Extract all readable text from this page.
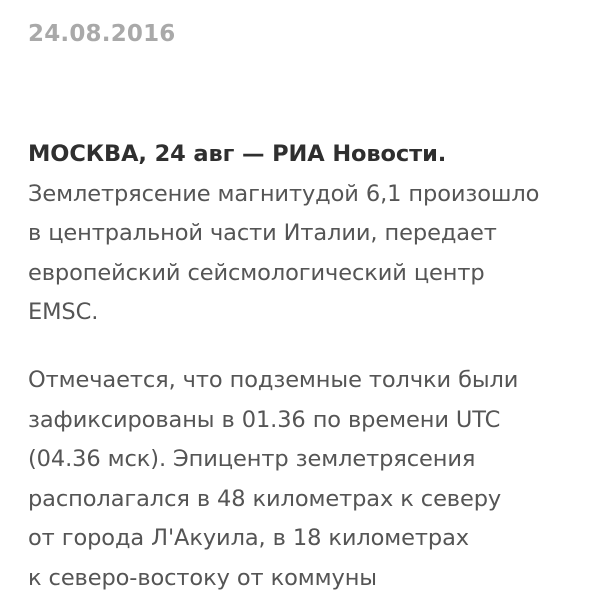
24.08.2016
МОСКВА, 24 авг — РИА Новости.
Землетрясение магнитудой 6,1 произошло
в центральной части Италии, передает
европейский сейсмологический центр
EMSC.
Отмечается, что подземные толчки были
зафиксированы в 01.36 по времени UTC
(04.36 мск). Эпицентр землетрясения
располагался в 48 километрах к северу
от города Л'Акуила, в 18 километрах
к северо-востоку от коммуны
